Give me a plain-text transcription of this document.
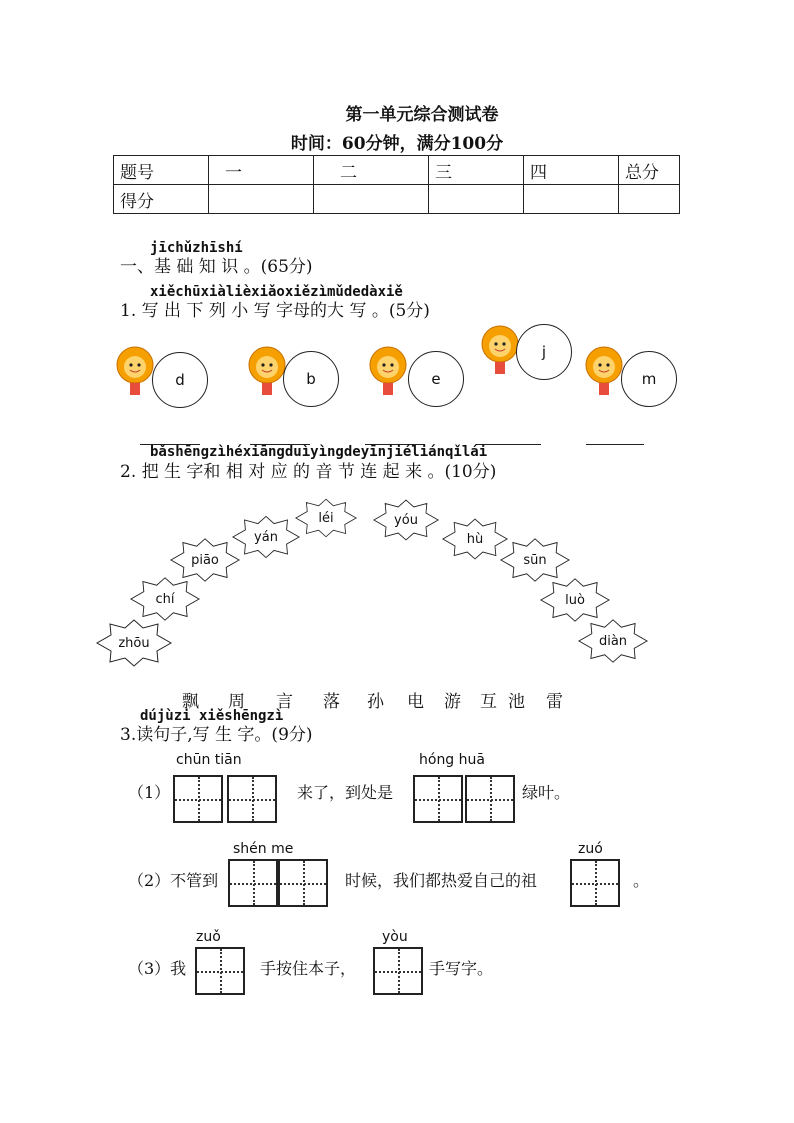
第一单元综合测试卷
时间：60分钟，满分100分
题号	一	二	三	四	总分
得分					
jīchǔzhīshí
一、基 础 知 识 。(65分)
xiěchūxiàlièxiǎoxiězìmǔdedàxiě
1. 写 出 下 列 小 写 字母的大 写 。(5分)
d	b	e
j
m
bǎshēngzìhéxiāngduìyìngdeyīnjiéliánqǐlái
2. 把 生 字和 相 对 应 的 音 节 连 起 来 。(10分)
zhōu
chí
piāo
yán
léi	yóu
hù
sūn
luò
diàn
飘 周 言 落 孙 电 游 互 池 雷
dújùzi xiěshēngzì
3.读句子,写 生 字。(9分)
chūn tiān
（1）	来了，到处是
hóng huā
绿叶。
shén me
（2）不管到	时候，我们都热爱自己的祖
zuó
。
zuǒ
（3）我	手按住本子，
yòu
手写字。
